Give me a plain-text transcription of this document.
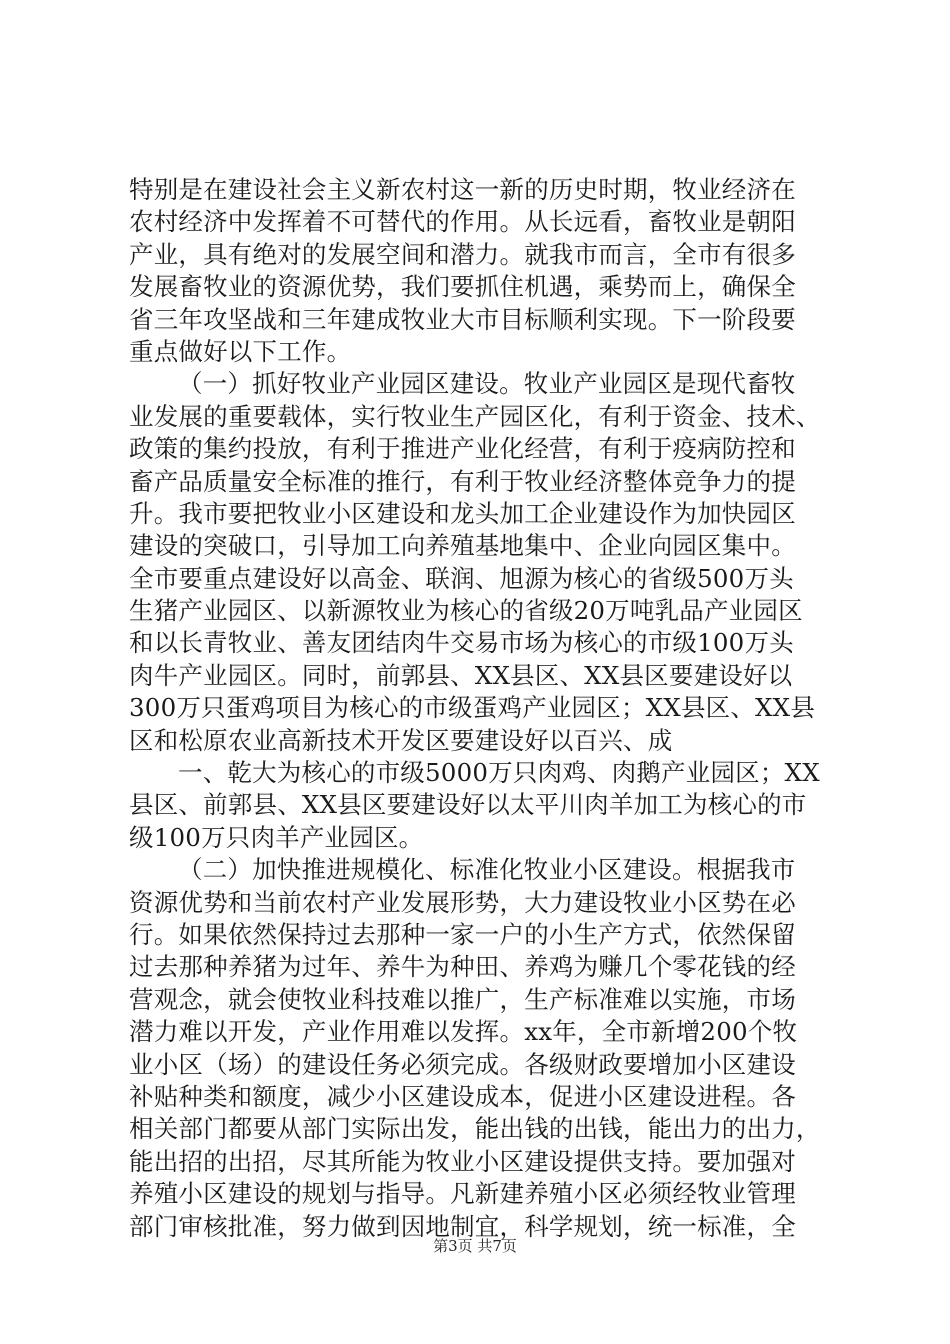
特别是在建设社会主义新农村这一新的历史时期，牧业经济在
农村经济中发挥着不可替代的作用。从长远看，畜牧业是朝阳
产业，具有绝对的发展空间和潜力。就我市而言，全市有很多
发展畜牧业的资源优势，我们要抓住机遇，乘势而上，确保全
省三年攻坚战和三年建成牧业大市目标顺利实现。下一阶段要
重点做好以下工作。
（一）抓好牧业产业园区建设。牧业产业园区是现代畜牧
业发展的重要载体，实行牧业生产园区化，有利于资金、技术、
政策的集约投放，有利于推进产业化经营，有利于疫病防控和
畜产品质量安全标准的推行，有利于牧业经济整体竞争力的提
升。我市要把牧业小区建设和龙头加工企业建设作为加快园区
建设的突破口，引导加工向养殖基地集中、企业向园区集中。
全市要重点建设好以高金、联润、旭源为核心的省级500万头
生猪产业园区、以新源牧业为核心的省级20万吨乳品产业园区
和以长青牧业、善友团结肉牛交易市场为核心的市级100万头
肉牛产业园区。同时，前郭县、XX县区、XX县区要建设好以
300万只蛋鸡项目为核心的市级蛋鸡产业园区；XX县区、XX县
区和松原农业高新技术开发区要建设好以百兴、成
一、乾大为核心的市级5000万只肉鸡、肉鹅产业园区；XX
县区、前郭县、XX县区要建设好以太平川肉羊加工为核心的市
级100万只肉羊产业园区。
（二）加快推进规模化、标准化牧业小区建设。根据我市
资源优势和当前农村产业发展形势，大力建设牧业小区势在必
行。如果依然保持过去那种一家一户的小生产方式，依然保留
过去那种养猪为过年、养牛为种田、养鸡为赚几个零花钱的经
营观念，就会使牧业科技难以推广，生产标准难以实施，市场
潜力难以开发，产业作用难以发挥。xx年，全市新增200个牧
业小区（场）的建设任务必须完成。各级财政要增加小区建设
补贴种类和额度，减少小区建设成本，促进小区建设进程。各
相关部门都要从部门实际出发，能出钱的出钱，能出力的出力，
能出招的出招，尽其所能为牧业小区建设提供支持。要加强对
养殖小区建设的规划与指导。凡新建养殖小区必须经牧业管理
部门审核批准，努力做到因地制宜，科学规划，统一标准，全
第3页 共7页
